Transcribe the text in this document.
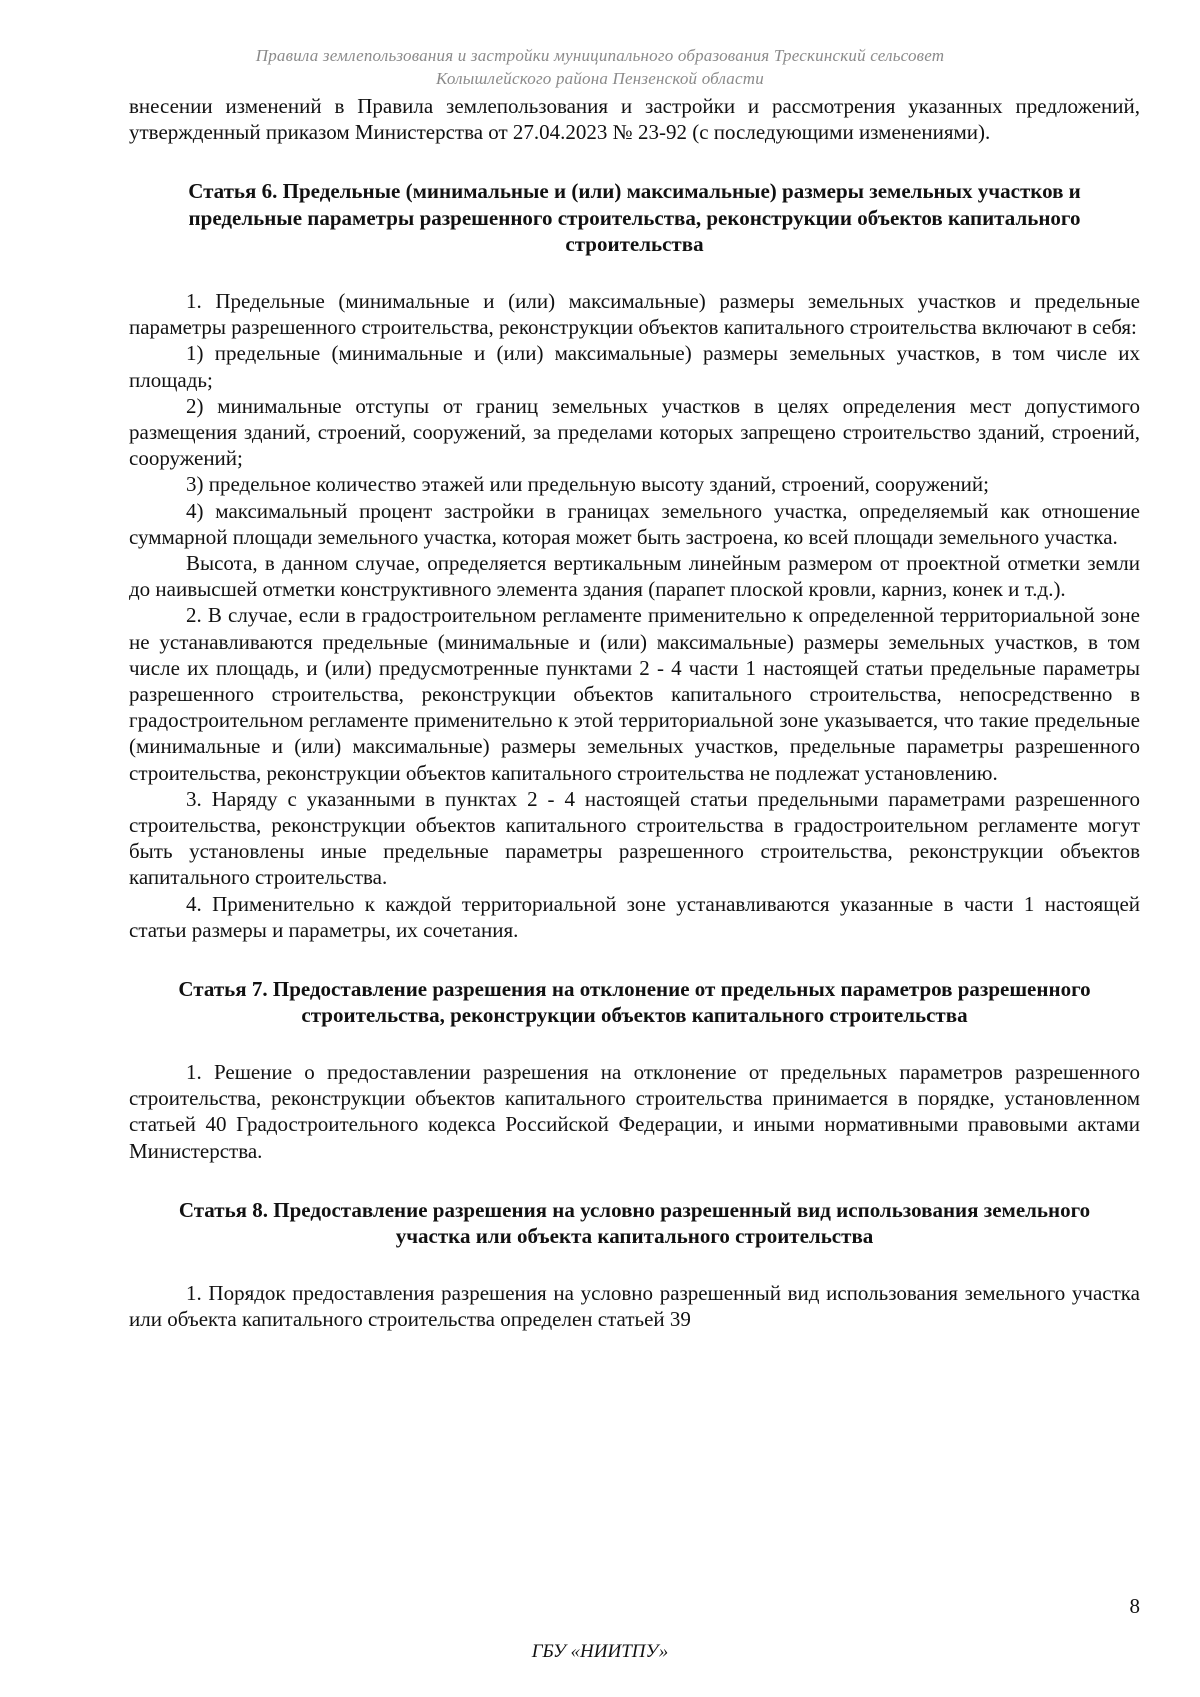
Правила землепользования и застройки муниципального образования Трескинский сельсовет
Колышлейского района Пензенской области

внесении изменений в Правила землепользования и застройки и рассмотрения указанных предложений, утвержденный приказом Министерства от 27.04.2023 № 23-92 (с последующими изменениями).

Статья 6. Предельные (минимальные и (или) максимальные) размеры земельных участков и предельные параметры разрешенного строительства, реконструкции объектов капитального строительства

1. Предельные (минимальные и (или) максимальные) размеры земельных участков и предельные параметры разрешенного строительства, реконструкции объектов капитального строительства включают в себя:

1) предельные (минимальные и (или) максимальные) размеры земельных участков, в том числе их площадь;

2) минимальные отступы от границ земельных участков в целях определения мест допустимого размещения зданий, строений, сооружений, за пределами которых запрещено строительство зданий, строений, сооружений;

3) предельное количество этажей или предельную высоту зданий, строений, сооружений;

4) максимальный процент застройки в границах земельного участка, определяемый как отношение суммарной площади земельного участка, которая может быть застроена, ко всей площади земельного участка.

Высота, в данном случае, определяется вертикальным линейным размером от проектной отметки земли до наивысшей отметки конструктивного элемента здания (парапет плоской кровли, карниз, конек и т.д.).

2. В случае, если в градостроительном регламенте применительно к определенной территориальной зоне не устанавливаются предельные (минимальные и (или) максимальные) размеры земельных участков, в том числе их площадь, и (или) предусмотренные пунктами 2 - 4 части 1 настоящей статьи предельные параметры разрешенного строительства, реконструкции объектов капитального строительства, непосредственно в градостроительном регламенте применительно к этой территориальной зоне указывается, что такие предельные (минимальные и (или) максимальные) размеры земельных участков, предельные параметры разрешенного строительства, реконструкции объектов капитального строительства не подлежат установлению.

3. Наряду с указанными в пунктах 2 - 4 настоящей статьи предельными параметрами разрешенного строительства, реконструкции объектов капитального строительства в градостроительном регламенте могут быть установлены иные предельные параметры разрешенного строительства, реконструкции объектов капитального строительства.

4. Применительно к каждой территориальной зоне устанавливаются указанные в части 1 настоящей статьи размеры и параметры, их сочетания.

Статья 7. Предоставление разрешения на отклонение от предельных параметров разрешенного строительства, реконструкции объектов капитального строительства

1. Решение о предоставлении разрешения на отклонение от предельных параметров разрешенного строительства, реконструкции объектов капитального строительства принимается в порядке, установленном статьей 40 Градостроительного кодекса Российской Федерации, и иными нормативными правовыми актами Министерства.

Статья 8. Предоставление разрешения на условно разрешенный вид использования земельного участка или объекта капитального строительства

1. Порядок предоставления разрешения на условно разрешенный вид использования земельного участка или объекта капитального строительства определен статьей 39

8
ГБУ «НИИТПУ»
